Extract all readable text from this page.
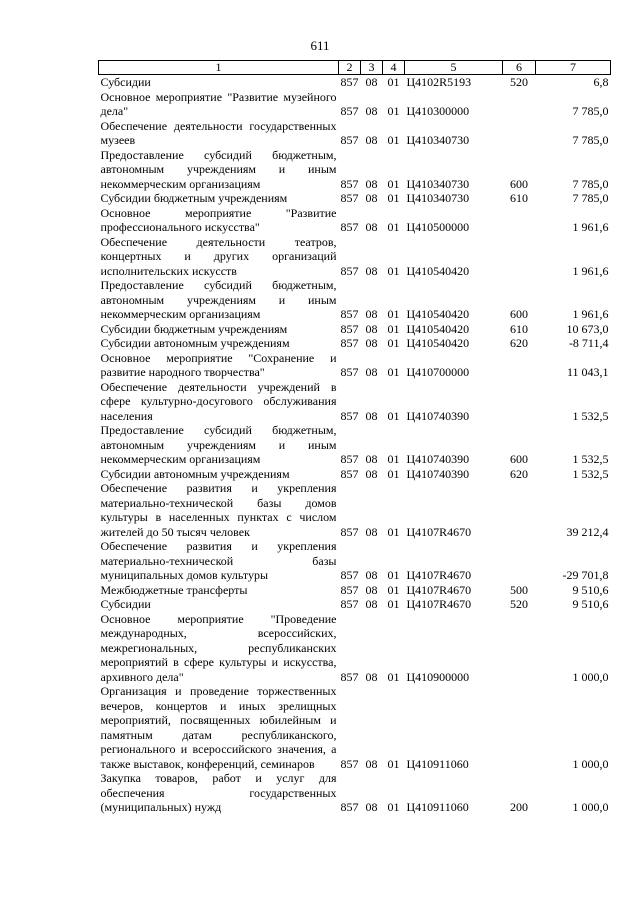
611
1	2	3	4	5	6	7
Субсидии	857	08	01	Ц4102R5193	520	6,8
Основное мероприятие "Развитие музейного дела"	857	08	01	Ц410300000		7 785,0
Обеспечение деятельности государственных музеев	857	08	01	Ц410340730		7 785,0
Предоставление субсидий бюджетным, автономным учреждениям и иным некоммерческим организациям	857	08	01	Ц410340730	600	7 785,0
Субсидии бюджетным учреждениям	857	08	01	Ц410340730	610	7 785,0
Основное мероприятие "Развитие профессионального искусства"	857	08	01	Ц410500000		1 961,6
Обеспечение деятельности театров, концертных и других организаций исполнительских искусств	857	08	01	Ц410540420		1 961,6
Предоставление субсидий бюджетным, автономным учреждениям и иным некоммерческим организациям	857	08	01	Ц410540420	600	1 961,6
Субсидии бюджетным учреждениям	857	08	01	Ц410540420	610	10 673,0
Субсидии автономным учреждениям	857	08	01	Ц410540420	620	-8 711,4
Основное мероприятие "Сохранение и развитие народного творчества"	857	08	01	Ц410700000		11 043,1
Обеспечение деятельности учреждений в сфере культурно-досугового обслуживания населения	857	08	01	Ц410740390		1 532,5
Предоставление субсидий бюджетным, автономным учреждениям и иным некоммерческим организациям	857	08	01	Ц410740390	600	1 532,5
Субсидии автономным учреждениям	857	08	01	Ц410740390	620	1 532,5
Обеспечение развития и укрепления материально-технической базы домов культуры в населенных пунктах с числом жителей до 50 тысяч человек	857	08	01	Ц4107R4670		39 212,4
Обеспечение развития и укрепления материально-технической базы муниципальных домов культуры	857	08	01	Ц4107R4670		-29 701,8
Межбюджетные трансферты	857	08	01	Ц4107R4670	500	9 510,6
Субсидии	857	08	01	Ц4107R4670	520	9 510,6
Основное мероприятие "Проведение международных, всероссийских, межрегиональных, республиканских мероприятий в сфере культуры и искусства, архивного дела"	857	08	01	Ц410900000		1 000,0
Организация и проведение торжественных вечеров, концертов и иных зрелищных мероприятий, посвященных юбилейным и памятным датам республиканского, регионального и всероссийского значения, а также выставок, конференций, семинаров	857	08	01	Ц410911060		1 000,0
Закупка товаров, работ и услуг для обеспечения государственных (муниципальных) нужд	857	08	01	Ц410911060	200	1 000,0
